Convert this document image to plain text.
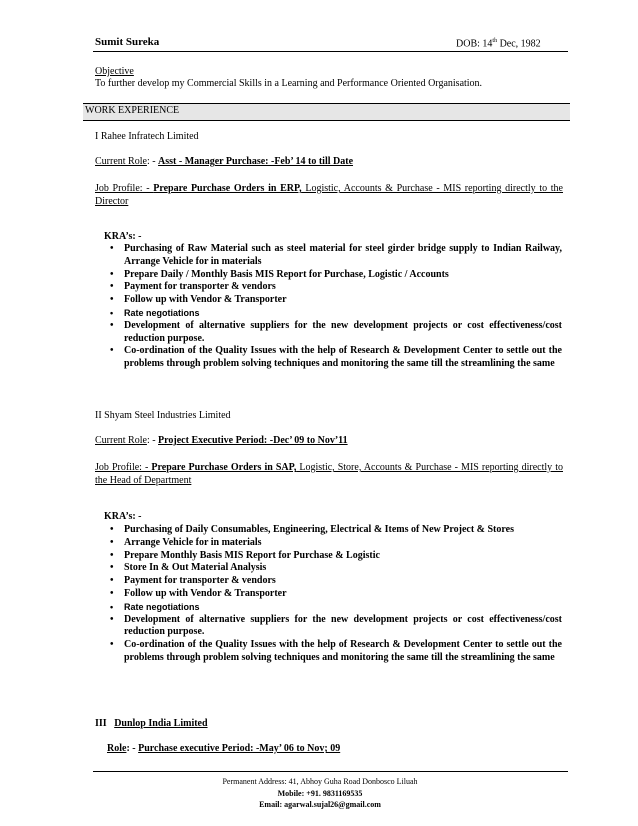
Sumit Sureka	DOB: 14th Dec, 1982
Objective
To further develop my Commercial Skills in a Learning and Performance Oriented Organisation.
WORK EXPERIENCE
I Rahee Infratech Limited
Current Role: - Asst - Manager Purchase: -Feb’ 14 to till Date
Job Profile: - Prepare Purchase Orders in ERP, Logistic, Accounts & Purchase - MIS reporting directly to the Director
KRA’s: -
• Purchasing of Raw Material such as steel material for steel girder bridge supply to Indian Railway, Arrange Vehicle for in materials
• Prepare Daily / Monthly Basis MIS Report for Purchase, Logistic / Accounts
• Payment for transporter & vendors
• Follow up with Vendor & Transporter
• Rate negotiations
• Development of alternative suppliers for the new development projects or cost effectiveness/cost reduction purpose.
• Co-ordination of the Quality Issues with the help of Research & Development Center to settle out the problems through problem solving techniques and monitoring the same till the streamlining the same
II Shyam Steel Industries Limited
Current Role: - Project Executive Period: -Dec’ 09 to Nov’11
Job Profile: - Prepare Purchase Orders in SAP, Logistic, Store, Accounts & Purchase - MIS reporting directly to the Head of Department
KRA’s: -
• Purchasing of Daily Consumables, Engineering, Electrical & Items of New Project & Stores
• Arrange Vehicle for in materials
• Prepare Monthly Basis MIS Report for Purchase & Logistic
• Store In & Out Material Analysis
• Payment for transporter & vendors
• Follow up with Vendor & Transporter
• Rate negotiations
• Development of alternative suppliers for the new development projects or cost effectiveness/cost reduction purpose.
• Co-ordination of the Quality Issues with the help of Research & Development Center to settle out the problems through problem solving techniques and monitoring the same till the streamlining the same
III Dunlop India Limited
Role: - Purchase executive Period: -May’ 06 to Nov; 09
Permanent Address: 41, Abhoy Guha Road Donbosco Liluah
Mobile: +91. 9831169535
Email: agarwal.sujal26@gmail.com
